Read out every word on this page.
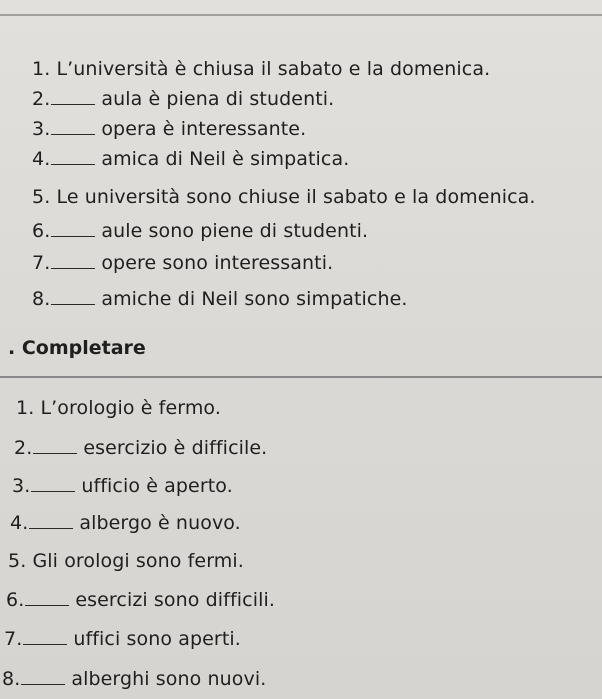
1. L’università è chiusa il sabato e la domenica.
2.	aula è piena di studenti.
3.	opera è interessante.
4.	amica di Neil è simpatica.
5. Le università sono chiuse il sabato e la domenica.
6.	aule sono piene di studenti.
7.	opere sono interessanti.
8.	amiche di Neil sono simpatiche.
. Completare
1. L’orologio è fermo.
2.	esercizio è difficile.
3.	ufficio è aperto.
4.	albergo è nuovo.
5. Gli orologi sono fermi.
6.	esercizi sono difficili.
7.	uffici sono aperti.
8.	alberghi sono nuovi.
